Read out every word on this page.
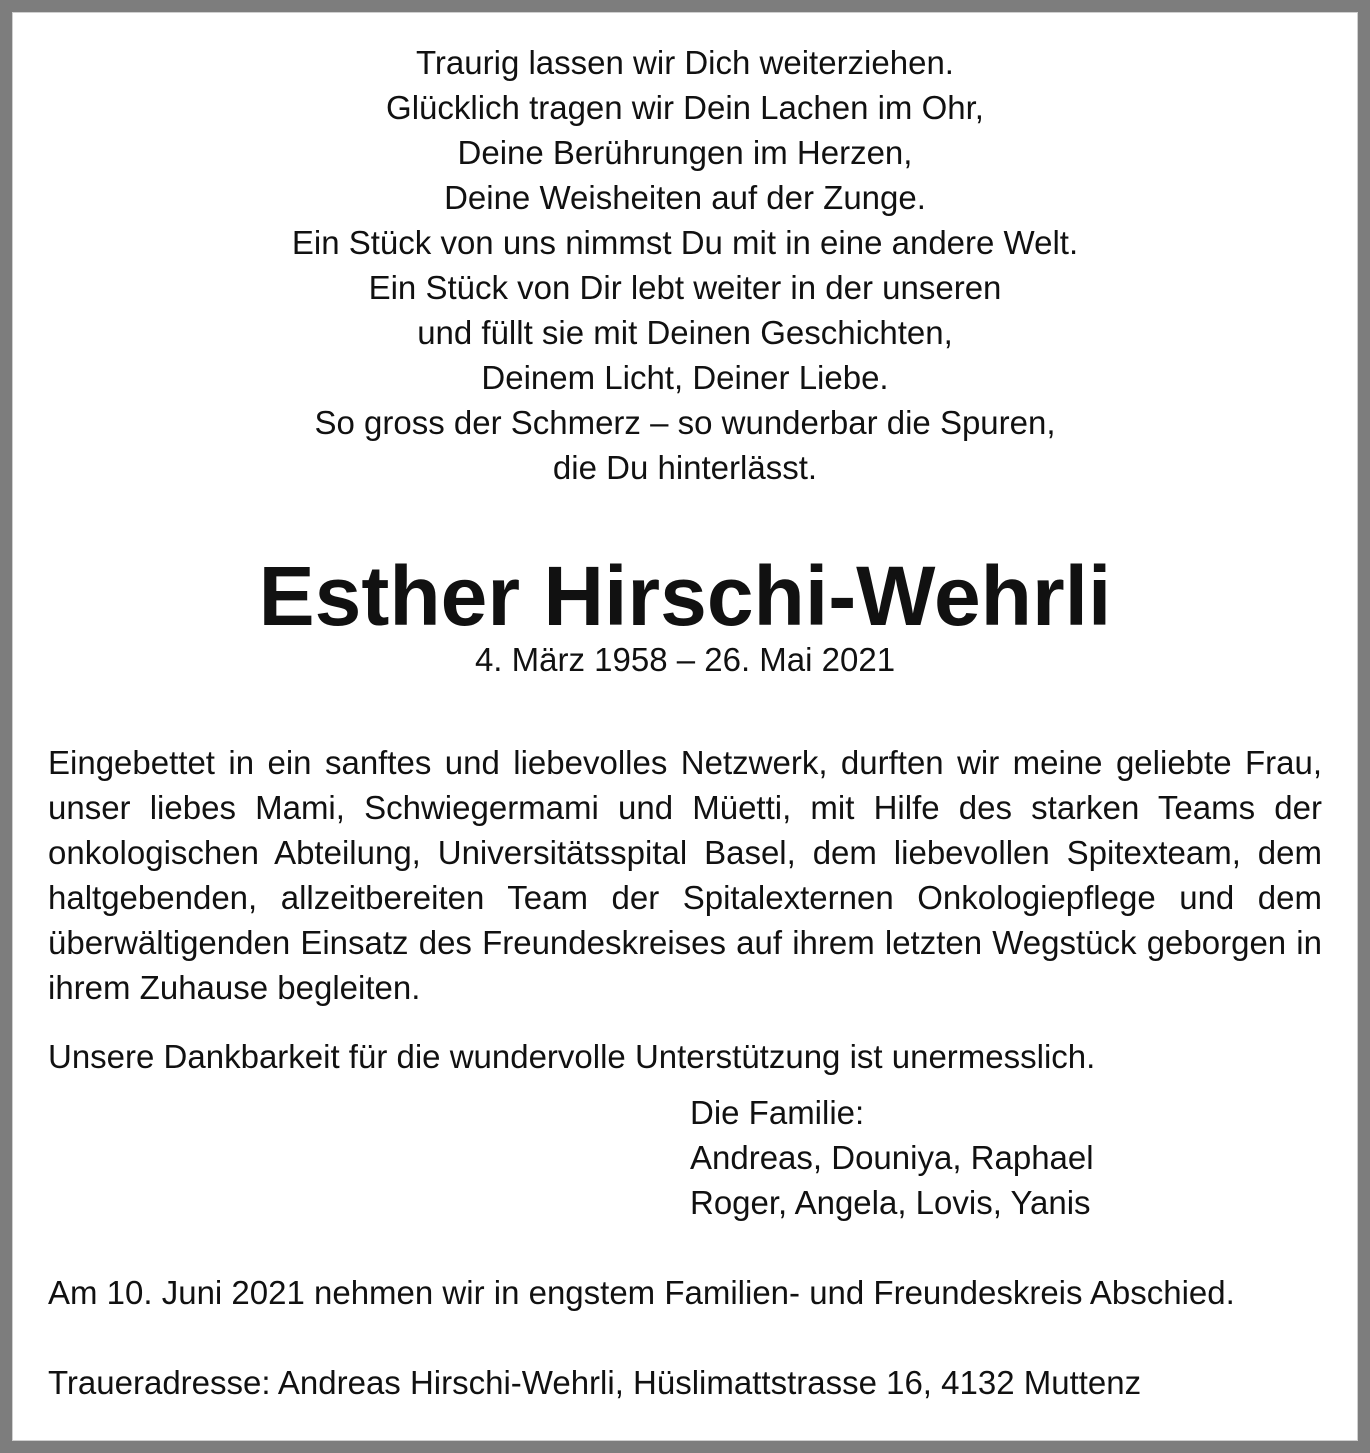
Traurig lassen wir Dich weiterziehen.
Glücklich tragen wir Dein Lachen im Ohr,
Deine Berührungen im Herzen,
Deine Weisheiten auf der Zunge.
Ein Stück von uns nimmst Du mit in eine andere Welt.
Ein Stück von Dir lebt weiter in der unseren
und füllt sie mit Deinen Geschichten,
Deinem Licht, Deiner Liebe.
So gross der Schmerz – so wunderbar die Spuren,
die Du hinterlässt.
Esther Hirschi-Wehrli
4. März 1958 – 26. Mai 2021
Eingebettet in ein sanftes und liebevolles Netzwerk, durften wir meine geliebte Frau, unser liebes Mami, Schwiegermami und Müetti, mit Hilfe des starken Teams der onkologischen Abteilung, Universitätsspital Basel, dem liebevollen Spitexteam, dem haltgebenden, allzeitbereiten Team der Spitalexternen Onkologiepflege und dem überwältigenden Einsatz des Freundeskreises auf ihrem letzten Wegstück geborgen in ihrem Zuhause begleiten.
Unsere Dankbarkeit für die wundervolle Unterstützung ist unermesslich.
Die Familie:
Andreas, Douniya, Raphael
Roger, Angela, Lovis, Yanis
Am 10. Juni 2021 nehmen wir in engstem Familien- und Freundeskreis Abschied.
Traueradresse: Andreas Hirschi-Wehrli, Hüslimattstrasse 16, 4132 Muttenz
